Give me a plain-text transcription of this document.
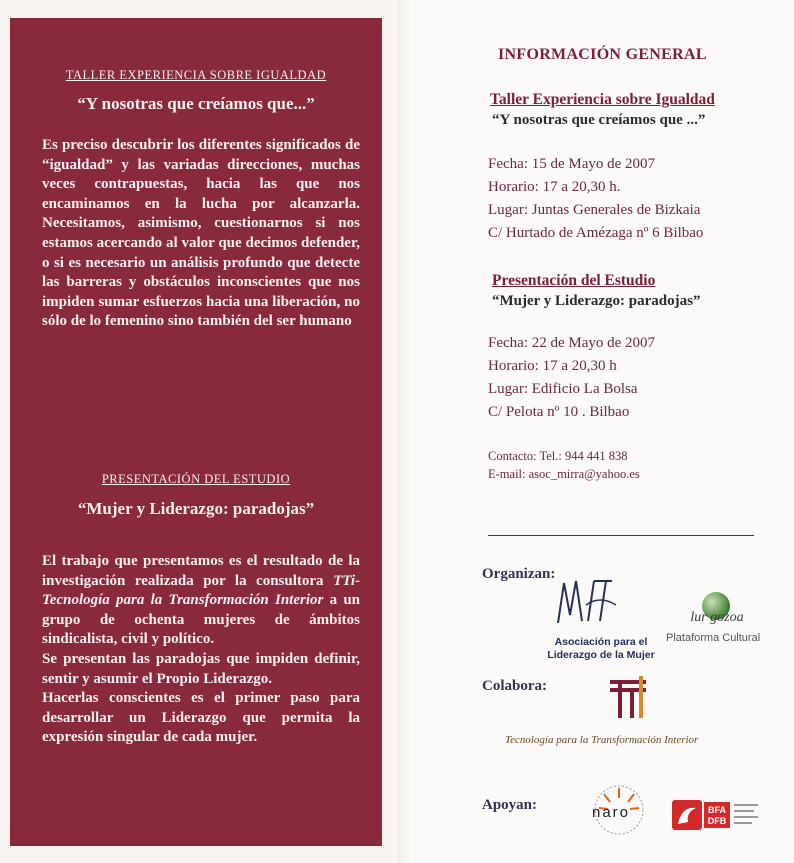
TALLER EXPERIENCIA SOBRE IGUALDAD
“Y nosotras que creíamos que...”
Es preciso descubrir los diferentes significados de “igualdad” y las variadas direcciones, muchas veces contrapuestas, hacia las que nos encaminamos en la lucha por alcanzarla. Necesitamos, asimismo, cuestionarnos si nos estamos acercando al valor que decimos defender, o si es necesario un análisis profundo que detecte las barreras y obstáculos inconscientes que nos impiden sumar esfuerzos hacia una liberación, no sólo de lo femenino sino también del ser humano
PRESENTACIÓN DEL ESTUDIO
“Mujer y Liderazgo: paradojas”

El trabajo que presentamos es el resultado de la investigación realizada por la consultora TTi-Tecnología para la Transformación Interior a un grupo de ochenta mujeres de ámbitos sindicalista, civil y político.

Se presentan las paradojas que impiden definir, sentir y asumir el Propio Liderazgo.

Hacerlas conscientes es el primer paso para desarrollar un Liderazgo que permita la expresión singular de cada mujer.

INFORMACIÓN GENERAL
Taller Experiencia sobre Igualdad
“Y nosotras que creíamos que ...”
Fecha: 15 de Mayo de 2007
Horario: 17 a 20,30 h.
Lugar: Juntas Generales de Bizkaia
C/ Hurtado de Amézaga nº 6 Bilbao
Presentación del Estudio
“Mujer y Liderazgo: paradojas”
Fecha: 22 de Mayo de 2007
Horario: 17 a 20,30 h
Lugar: Edificio La Bolsa
C/ Pelota nº 10 . Bilbao
Contacto: Tel.: 944 441 838
E-mail: asoc_mirra@yahoo.es
Organizan:
Asociación para el
Liderazgo de la Mujer
lur gozoa
Plataforma Cultural
Colabora:
Tecnología para la Transformación Interior
Apoyan:	naro	BFA
DFB
